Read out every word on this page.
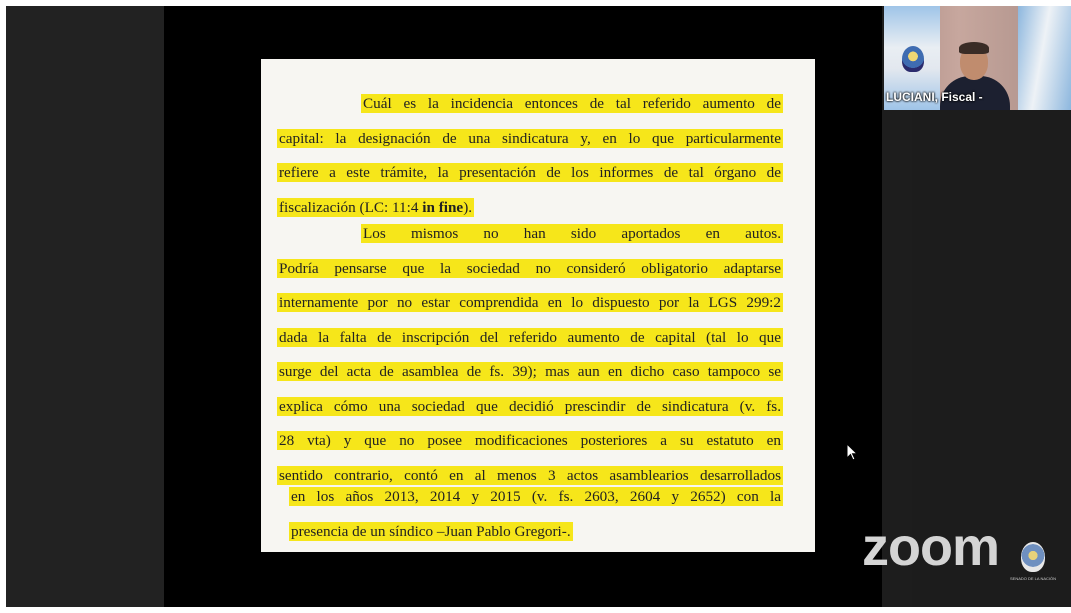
Cuál es la incidencia entonces de tal referido aumento de
capital: la designación de una sindicatura y, en lo que particularmente
refiere a este trámite, la presentación de los informes de tal órgano de
fiscalización (LC: 11:4 in fine).
Los mismos no han sido aportados en autos.
Podría pensarse que la sociedad no consideró obligatorio adaptarse
internamente por no estar comprendida en lo dispuesto por la LGS 299:2
dada la falta de inscripción del referido aumento de capital (tal lo que
surge del acta de asamblea de fs. 39); mas aun en dicho caso tampoco se
explica cómo una sociedad que decidió prescindir de sindicatura (v. fs.
28 vta) y que no posee modificaciones posteriores a su estatuto en
sentido contrario, contó en al menos 3 actos asamblearios desarrollados
en los años 2013, 2014 y 2015 (v. fs. 2603, 2604 y 2652) con la
presencia de un síndico –Juan Pablo Gregori-.
LUCIANI, Fiscal -
zoom
SENADO DE LA NACIÓN
